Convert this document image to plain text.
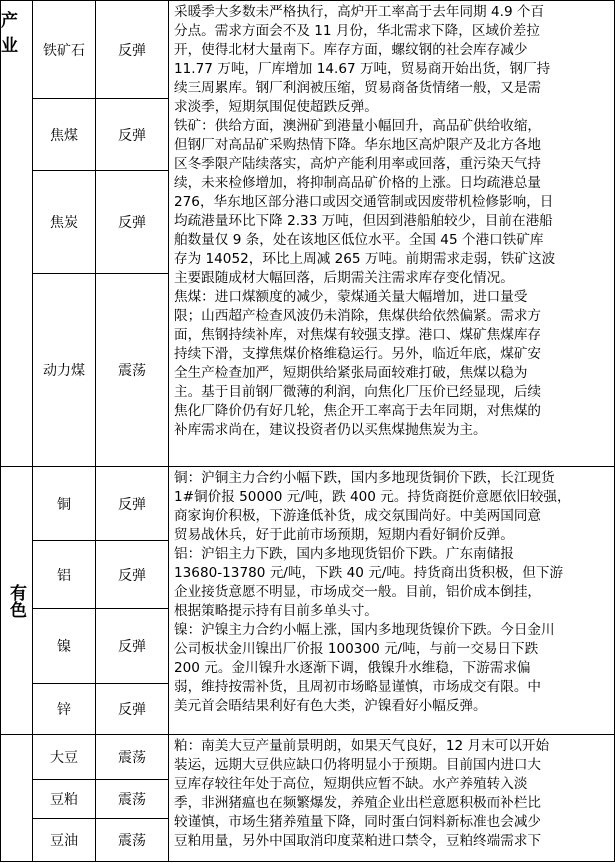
产业	铁矿石	反弹
焦煤	反弹
焦炭	反弹
动力煤	震荡
采暖季大多数未严格执行，高炉开工率高于去年同期 4.9 个百
分点。需求方面会不及 11 月份，华北需求下降，区域价差拉
开，使得北材大量南下。库存方面，螺纹钢的社会库存减少
11.77 万吨，厂库增加 14.67 万吨，贸易商开始出货，钢厂持
续三周累库。钢厂利润被压缩，贸易商备货情绪一般，又是需
求淡季，短期氛围促使超跌反弹。
铁矿：供给方面，澳洲矿到港量小幅回升，高品矿供给收缩，
但钢厂对高品矿采购热情下降。华东地区高炉限产及北方各地
区冬季限产陆续落实，高炉产能利用率或回落，重污染天气持
续，未来检修增加，将抑制高品矿价格的上涨。日均疏港总量
276，华东地区部分港口或因交通管制或因废带机检修影响，日
均疏港量环比下降 2.33 万吨，但因到港船舶较少，目前在港船
舶数量仅 9 条，处在该地区低位水平。全国 45 个港口铁矿库
存为 14052，环比上周减 265 万吨。前期需求走弱，铁矿这波
主要跟随成材大幅回落，后期需关注需求库存变化情况。
焦煤：进口煤额度的减少，蒙煤通关量大幅增加，进口量受
限；山西超产检查风波仍未消除，焦煤供给依然偏紧。需求方
面，焦钢持续补库，对焦煤有较强支撑。港口、煤矿焦煤库存
持续下滑，支撑焦煤价格维稳运行。另外，临近年底，煤矿安
全生产检查加严，短期供给紧张局面较难打破，焦煤以稳为
主。基于目前钢厂微薄的利润，向焦化厂压价已经显现，后续
焦化厂降价仍有好几轮，焦企开工率高于去年同期，对焦煤的
补库需求尚在，建议投资者仍以买焦煤抛焦炭为主。
有色
铜	反弹
铝	反弹
镍	反弹
锌	反弹
铜：沪铜主力合约小幅下跌，国内多地现货铜价下跌，长江现货
1#铜价报 50000 元/吨，跌 400 元。持货商挺价意愿依旧较强，
商家询价积极，下游逢低补货，成交氛围尚好。中美两国同意
贸易战休兵，好于此前市场预期，短期内看好铜价反弹。
铝：沪铝主力下跌，国内多地现货铝价下跌。广东南储报
13680-13780 元/吨，下跌 40 元/吨。持货商出货积极，但下游
企业接货意愿不明显，市场成交一般。目前，铝价成本倒挂，
根据策略提示持有目前多单头寸。
镍：沪镍主力合约小幅上涨，国内多地现货镍价下跌。今日金川
公司板状金川镍出厂价报 100300 元/吨，与前一交易日下跌
200 元。金川镍升水逐渐下调，俄镍升水维稳，下游需求偏
弱，维持按需补货，且周初市场略显谨慎，市场成交有限。中
美元首会晤结果利好有色大类，沪镍看好小幅反弹。
大豆	震荡
豆粕	震荡
豆油	震荡
粕：南美大豆产量前景明朗，如果天气良好，12 月末可以开始
装运，远期大豆供应缺口仍将明显小于预期。目前国内进口大
豆库存较往年处于高位，短期供应暂不缺。水产养殖转入淡
季，非洲猪瘟也在频繁爆发，养殖企业出栏意愿积极而补栏比
较谨慎，市场生猪养殖量下降，同时蛋白饲料新标准也会减少
豆粕用量，另外中国取消印度菜粕进口禁令，豆粕终端需求下
